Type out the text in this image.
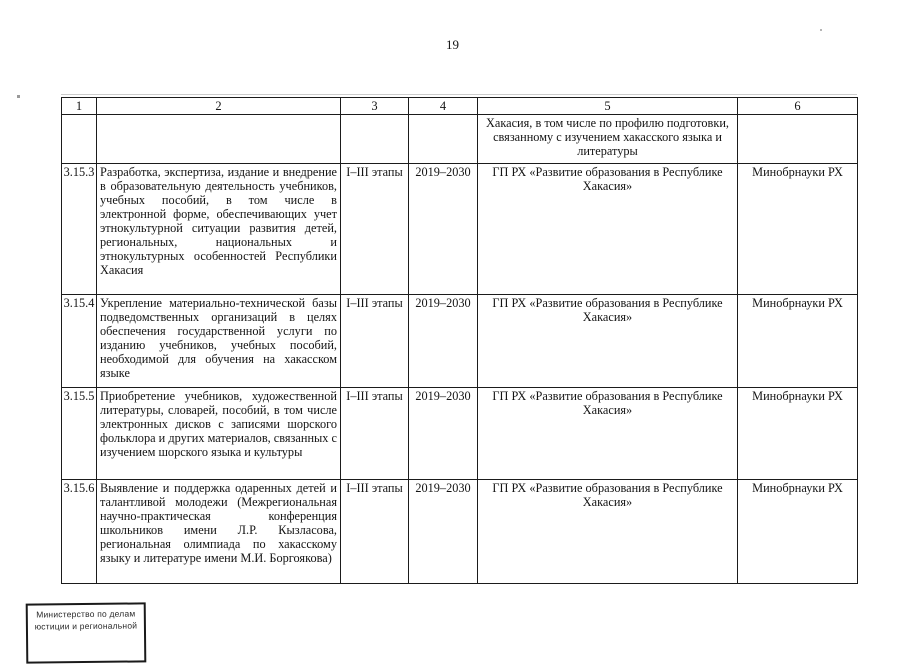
19
1	2	3	4	5	6
				Хакасия, в том числе по профилю подготовки, связанному с изучением хакасского языка и литературы	
3.15.3	Разработка, экспертиза, издание и внедрение в образовательную деятельность учебников, учебных пособий, в том числе в электронной форме, обеспечивающих учет этнокультурной ситуации развития детей, региональных, национальных и этнокультурных особенностей Республики Хакасия	I–III этапы	2019–2030	ГП РХ «Развитие образования в Республике Хакасия»	Минобрнауки РХ
3.15.4	Укрепление материально-технической базы подведомственных организаций в целях обеспечения государственной услуги по изданию учебников, учебных пособий, необходимой для обучения на хакасском языке	I–III этапы	2019–2030	ГП РХ «Развитие образования в Республике Хакасия»	Минобрнауки РХ
3.15.5	Приобретение учебников, художественной литературы, словарей, пособий, в том числе электронных дисков с записями шорского фольклора и других материалов, связанных с изучением шорского языка и культуры	I–III этапы	2019–2030	ГП РХ «Развитие образования в Республике Хакасия»	Минобрнауки РХ
3.15.6	Выявление и поддержка одаренных детей и талантливой молодежи (Межрегиональная научно-практическая конференция школьников имени Л.Р. Кызласова, региональная олимпиада по хакасскому языку и литературе имени М.И. Боргоякова)	I–III этапы	2019–2030	ГП РХ «Развитие образования в Республике Хакасия»	Минобрнауки РХ
Министерство по делам
юстиции и региональной
